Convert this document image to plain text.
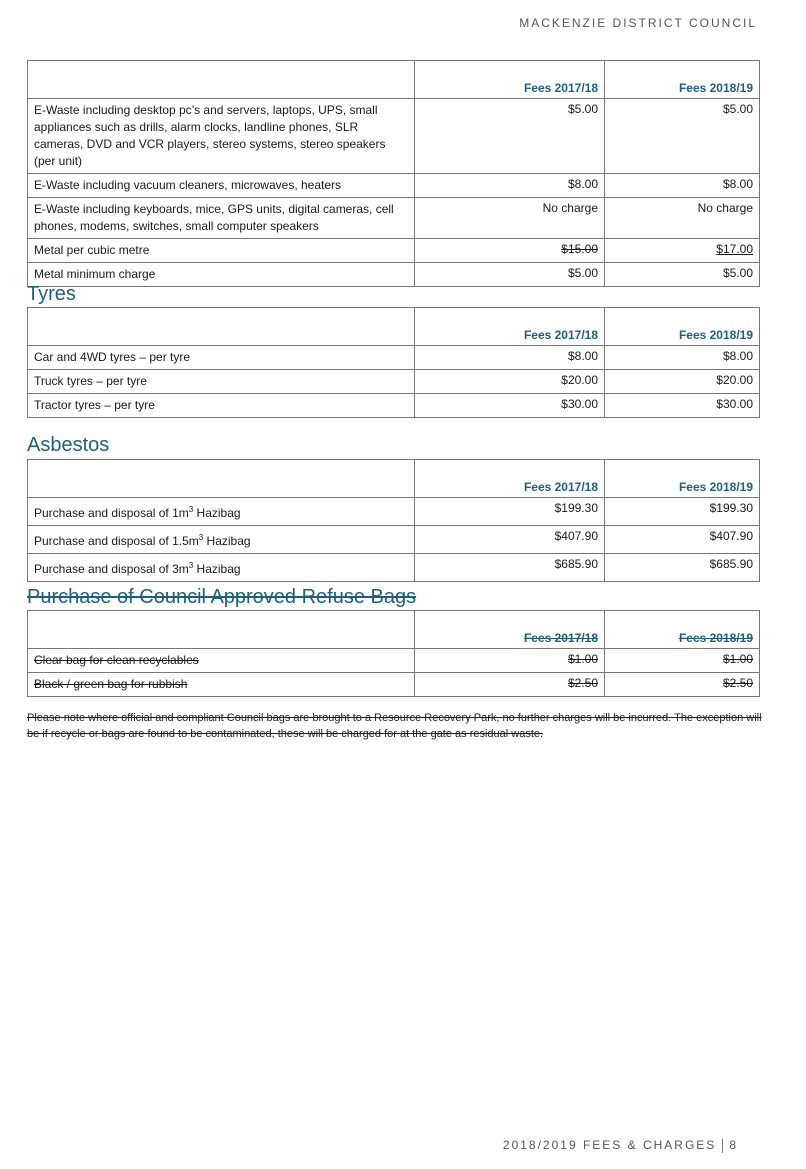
MACKENZIE DISTRICT COUNCIL
	Fees 2017/18	Fees 2018/19
E-Waste including desktop pc’s and servers, laptops, UPS, small appliances such as drills, alarm clocks, landline phones, SLR cameras, DVD and VCR players, stereo systems, stereo speakers (per unit)	$5.00	$5.00
E-Waste including vacuum cleaners, microwaves, heaters	$8.00	$8.00
E-Waste including keyboards, mice, GPS units, digital cameras, cell phones, modems, switches, small computer speakers	No charge	No charge
Metal per cubic metre	$15.00	$17.00
Metal minimum charge	$5.00	$5.00
Tyres
	Fees 2017/18	Fees 2018/19
Car and 4WD tyres – per tyre	$8.00	$8.00
Truck tyres – per tyre	$20.00	$20.00
Tractor tyres – per tyre	$30.00	$30.00
Asbestos
	Fees 2017/18	Fees 2018/19
Purchase and disposal of $1m^3$ Hazibag	$199.30	$199.30
Purchase and disposal of $1.5m^3$ Hazibag	$407.90	$407.90
Purchase and disposal of $3m^3$ Hazibag	$685.90	$685.90
Purchase of Council Approved Refuse Bags
	Fees 2017/18	Fees 2018/19
Clear bag for clean recyclables	$1.00	$1.00
Black / green bag for rubbish	$2.50	$2.50
Please note where official and compliant Council bags are brought to a Resource Recovery Park, no further charges will be incurred. The exception will be if recycle or bags are found to be contaminated, these will be charged for at the gate as residual waste.
2018/2019 FEES & CHARGES 8
